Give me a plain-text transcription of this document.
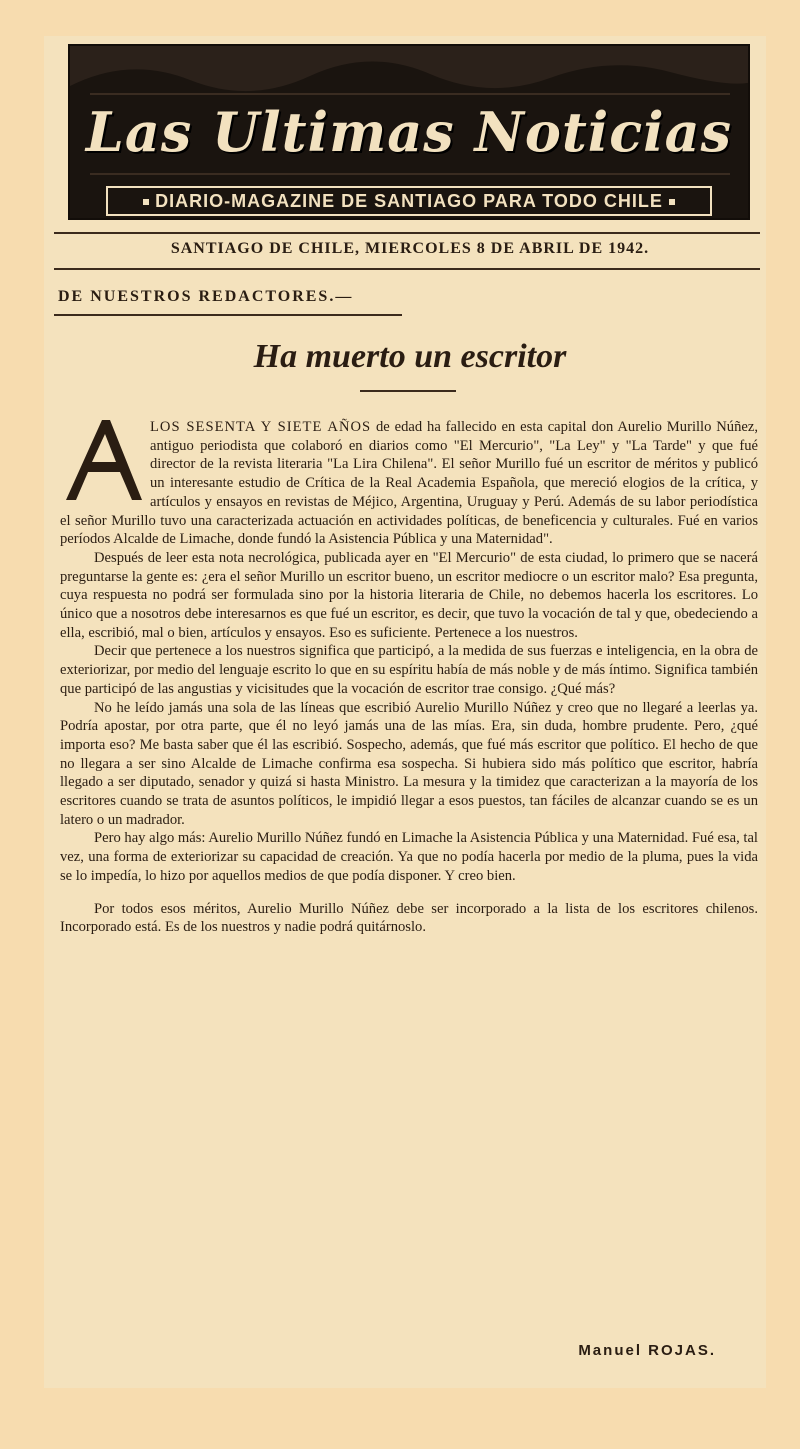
Las Ultimas Noticias
DIARIO-MAGAZINE DE SANTIAGO PARA TODO CHILE
SANTIAGO DE CHILE, MIERCOLES 8 DE ABRIL DE 1942.
DE NUESTROS REDACTORES.—
Ha muerto un escritor

LOS SESENTA Y SIETE AÑOS de edad ha fallecido en esta capital don Aurelio Murillo Núñez, antiguo periodista que colaboró en diarios como "El Mercurio", "La Ley" y "La Tarde" y que fué director de la revista literaria "La Lira Chilena". El señor Murillo fué un escritor de méritos y publicó un interesante estudio de Crítica de la Real Academia Española, que mereció elogios de la crítica, y artículos y ensayos en revistas de Méjico, Argentina, Uruguay y Perú. Además de su labor periodística el señor Murillo tuvo una caracterizada actuación en actividades políticas, de beneficencia y culturales. Fué en varios períodos Alcalde de Limache, donde fundó la Asistencia Pública y una Maternidad".

Después de leer esta nota necrológica, publicada ayer en "El Mercurio" de esta ciudad, lo primero que se nacerá preguntarse la gente es: ¿era el señor Murillo un escritor bueno, un escritor mediocre o un escritor malo? Esa pregunta, cuya respuesta no podrá ser formulada sino por la historia literaria de Chile, no debemos hacerla los escritores. Lo único que a nosotros debe interesarnos es que fué un escritor, es decir, que tuvo la vocación de tal y que, obedeciendo a ella, escribió, mal o bien, artículos y ensayos. Eso es suficiente. Pertenece a los nuestros.

Decir que pertenece a los nuestros significa que participó, a la medida de sus fuerzas e inteligencia, en la obra de exteriorizar, por medio del lenguaje escrito lo que en su espíritu había de más noble y de más íntimo. Significa también que participó de las angustias y vicisitudes que la vocación de escritor trae consigo. ¿Qué más?

No he leído jamás una sola de las líneas que escribió Aurelio Murillo Núñez y creo que no llegaré a leerlas ya. Podría apostar, por otra parte, que él no leyó jamás una de las mías. Era, sin duda, hombre prudente. Pero, ¿qué importa eso? Me basta saber que él las escribió. Sospecho, además, que fué más escritor que político. El hecho de que no llegara a ser sino Alcalde de Limache confirma esa sospecha. Si hubiera sido más político que escritor, habría llegado a ser diputado, senador y quizá si hasta Ministro. La mesura y la timidez que caracterizan a la mayoría de los escritores cuando se trata de asuntos políticos, le impidió llegar a esos puestos, tan fáciles de alcanzar cuando se es un latero o un madrador.

Pero hay algo más: Aurelio Murillo Núñez fundó en Limache la Asistencia Pública y una Maternidad. Fué esa, tal vez, una forma de exteriorizar su capacidad de creación. Ya que no podía hacerla por medio de la pluma, pues la vida se lo impedía, lo hizo por aquellos medios de que podía disponer. Y creo bien.

Por todos esos méritos, Aurelio Murillo Núñez debe ser incorporado a la lista de los escritores chilenos. Incorporado está. Es de los nuestros y nadie podrá quitárnoslo.

Manuel ROJAS.
